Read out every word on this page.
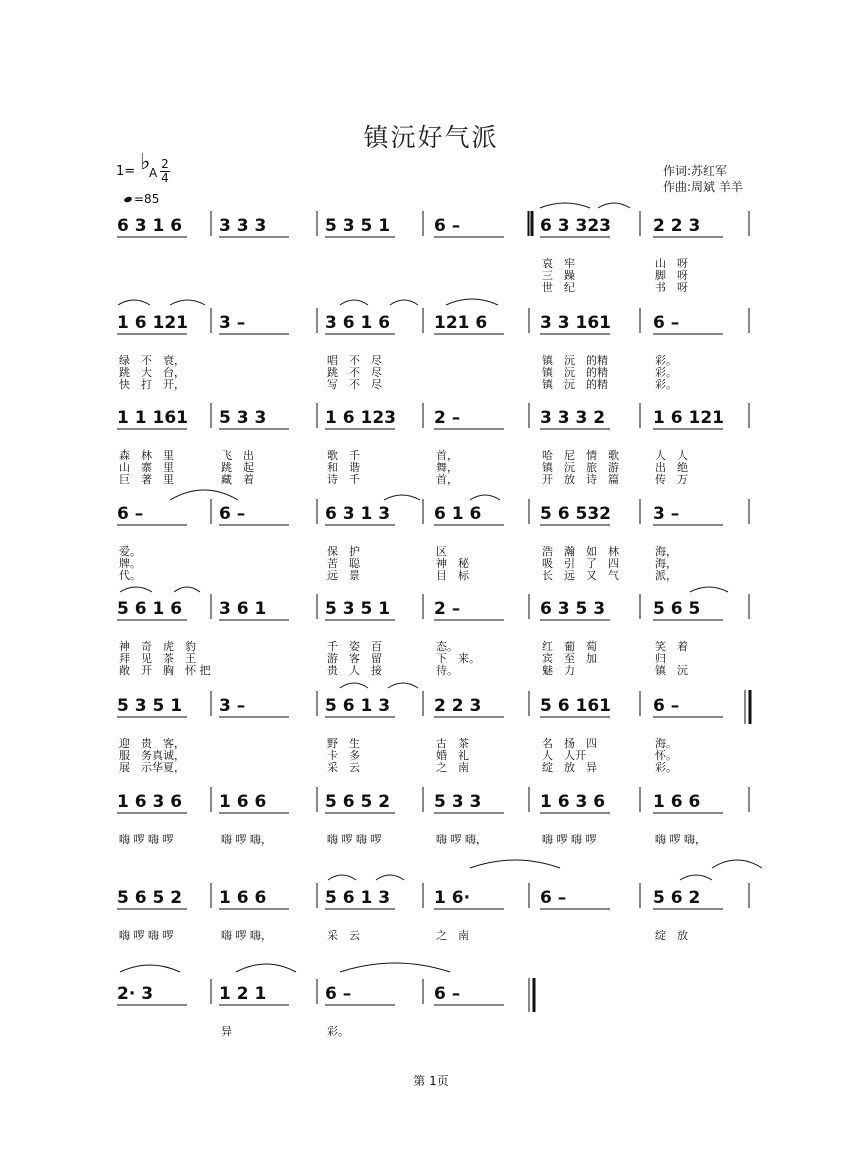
镇沅好气派
1= ♭
A
2
4
=85
作词:苏红军
作曲:周斌 羊羊
6 3 1 6 3 3 3	5 3 5 1	6 –	6 3 323 2 2 3
哀
三
世
牢
躁
纪
山
脚
书
呀
呀
呀
1 6 121 3 –	3 6 1 6	121 6	3 3 161 6 –
绿
跳
快
不
大
打
衰，
台，
开，
唱
跳
写
不
不
不
尽
尽
尽
镇
镇
镇
沅
沅
沅
的精
的精
的精
彩。
彩。
彩。
1 1 161 5 3 3	1 6 123 2 –	3 3 3 2	1 6 121
森
山
巨
林
寨
著
里
里
里
飞
跳
藏
出
起
着
歌
和
诗
千
谐
千
首，
舞，
首，
哈
镇
开
尼
沅
放
情
旅
诗
歌
游
篇
人
出
传
人
绝
万
6 –	6 –	6 3 1 3	6 1 6	5 6 532 3 –
爱。
牌。
代。
保
苦
远
护
聪
景
区
神
目
秘
标
浩
吸
长
瀚
引
远
如
了
又
林
四
气
海，
海，
派，
5 6 1 6 3 6 1	5 3 5 1	2 –	6 3 5 3	5 6 5
神
拜
敞
奇
见
开
虎
茶
胸
豹
王
怀 把
千
游
贵
姿
客
人
百
留
接
态。
下
待。
来。
红
宾
魅
葡
至
力
萄
加
笑
归
镇
着
沅
5 3 5 1 3 –	5 6 1 3	2 2 3	5 6 161 6 –
迎
服
展
贵
务真
示华
客，
诚，
夏，
野
卡
采
生
多
云
古
婚
之
茶
礼
南
名
人
绽
扬
人开
放
四
异
海。
怀。
彩。
1 6 3 6 1 6 6	5 6 5 2	5 3 3	1 6 3 6	1 6 6
嗨 啰 嗨 啰	嗨 啰 嗨，	嗨 啰 嗨 啰	嗨 啰 嗨，	嗨 啰 嗨 啰	嗨 啰 嗨，
5 6 5 2 1 6 6	5 6 1 3	1 6·	6 –	5 6 2
嗨 啰 嗨 啰	嗨 啰 嗨，	采 云	之 南	绽 放
2· 3	1 2 1	6 –	6 –
异	彩。
第 1页
